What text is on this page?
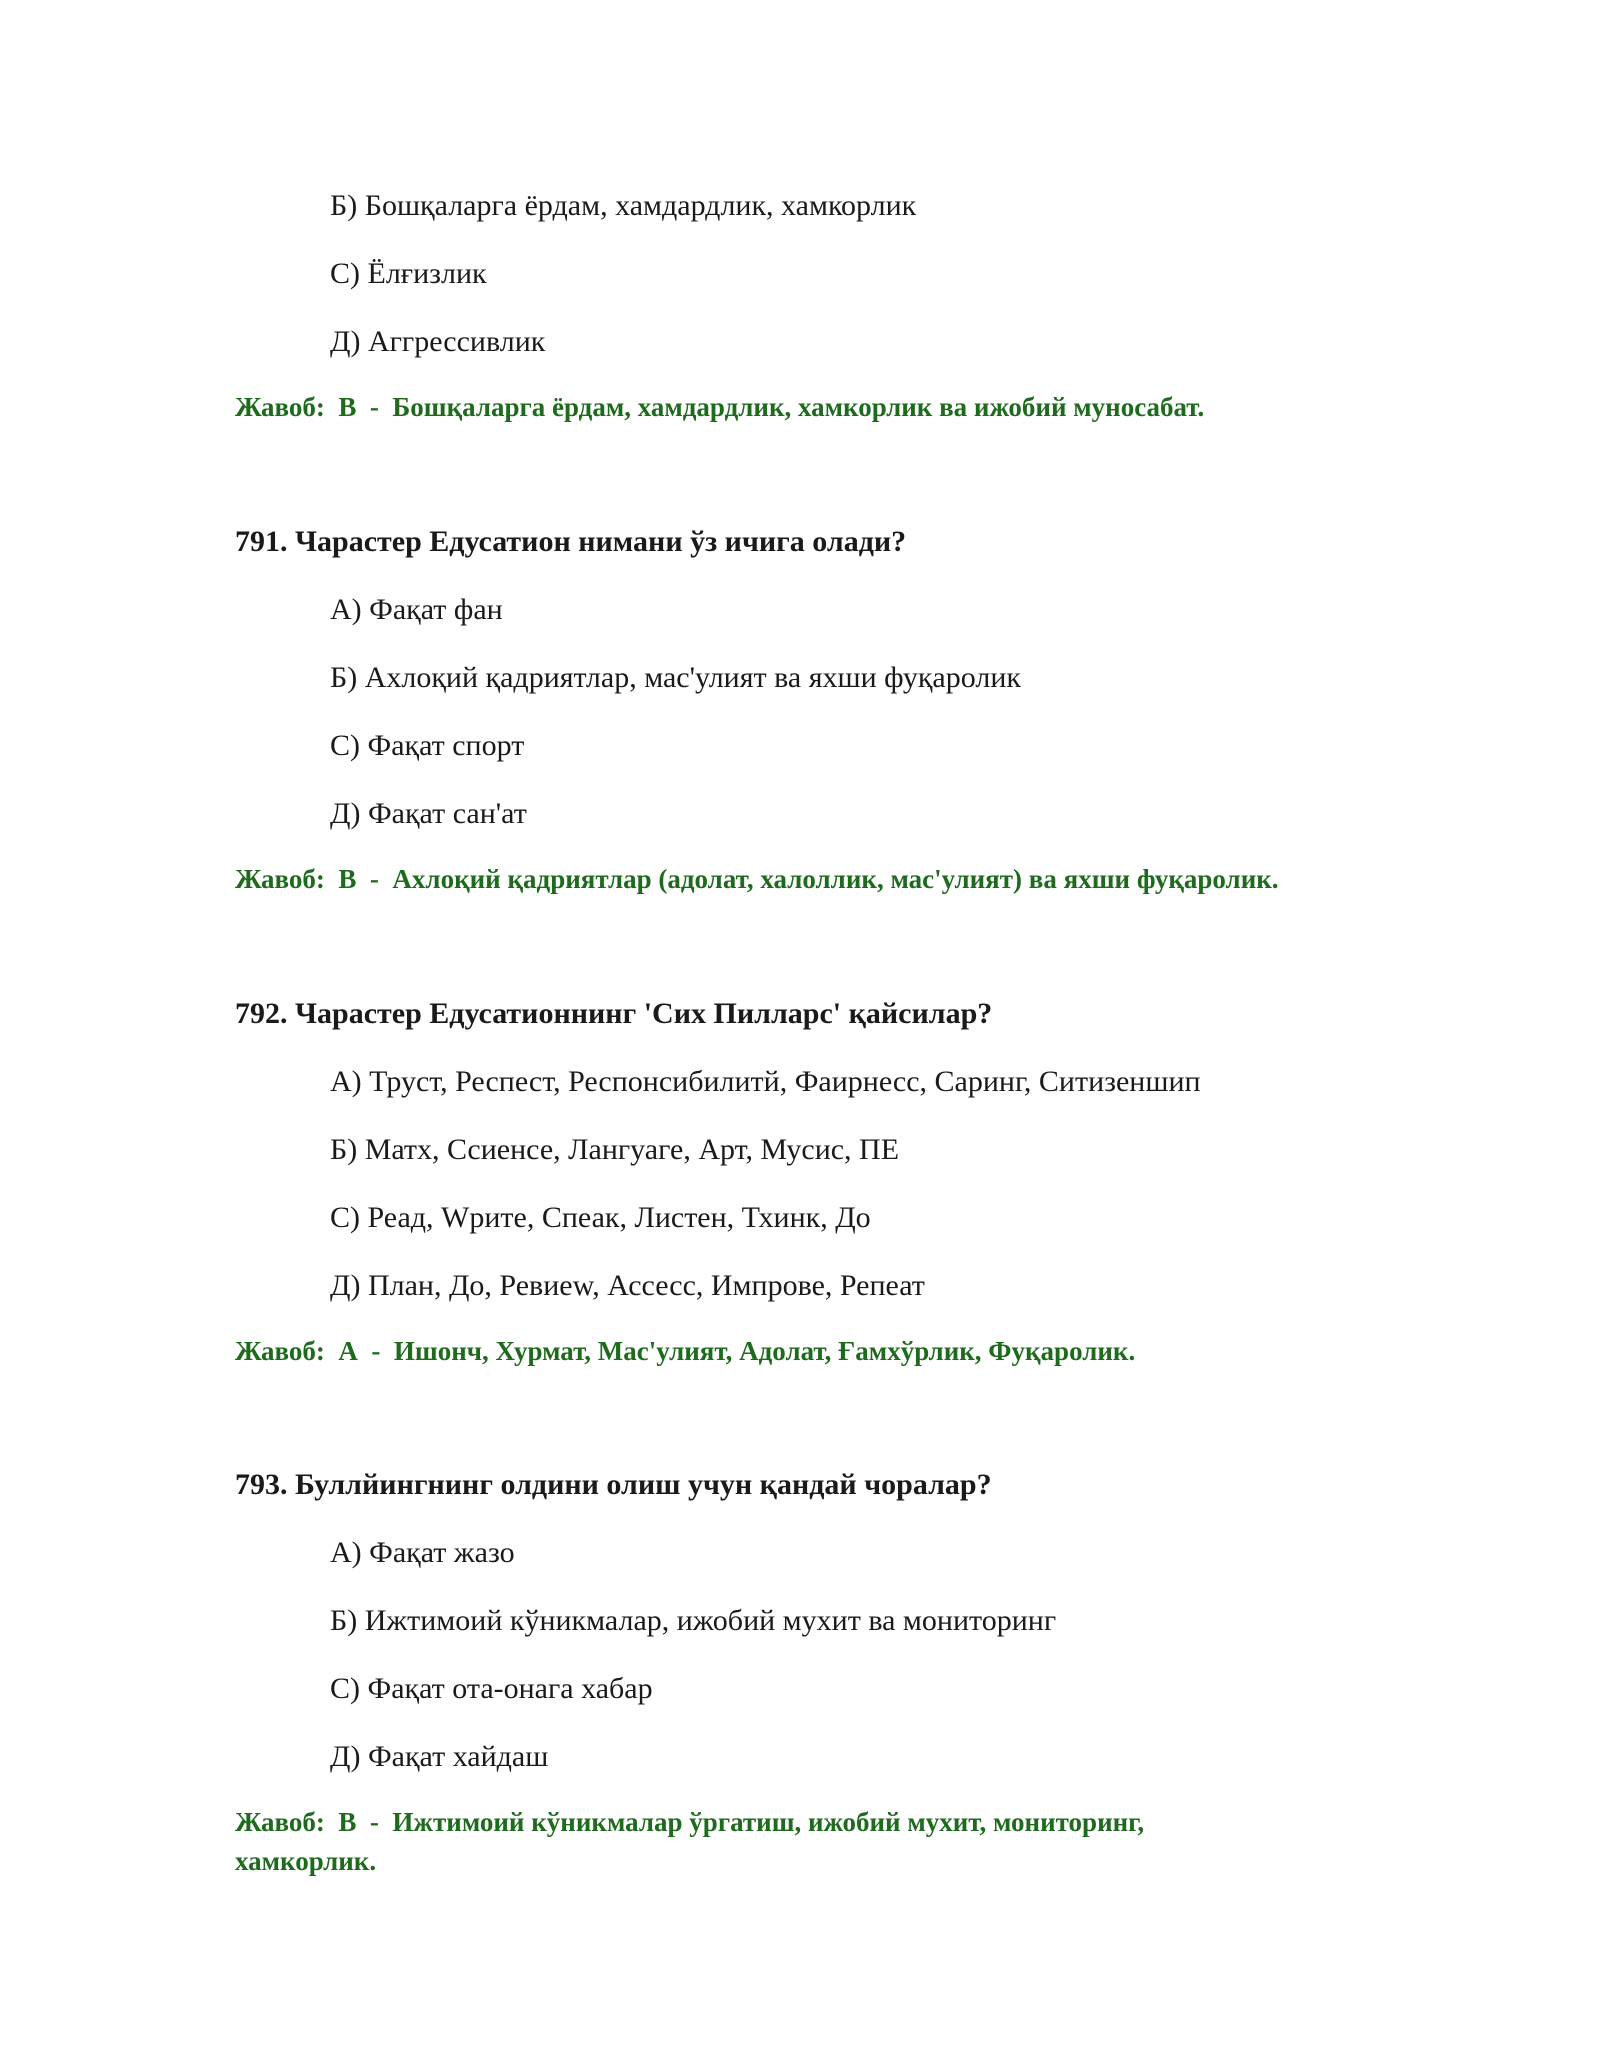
Б) Бошқаларга ёрдам, хамдардлик, хамкорлик
С) Ёлғизлик
Д) Аггрессивлик
Жавоб:  В  -  Бошқаларга ёрдам, хамдардлик, хамкорлик ва ижобий муносабат.
791. Чарастер Едусатион нимани ўз ичига олади?
А) Фақат фан
Б) Ахлоқий қадриятлар, мас'улият ва яхши фуқаролик
С) Фақат спорт
Д) Фақат сан'ат
Жавоб:  В  -  Ахлоқий қадриятлар (адолат, халоллик, мас'улият) ва яхши фуқаролик.
792. Чарастер Едусатионнинг 'Сих Пилларс' қайсилар?
А) Труст, Респест, Респонсибилитй, Фаирнесс, Саринг, Ситизеншип
Б) Матх, Ссиенсе, Лангуаге, Арт, Мусис, ПЕ
С) Реад, Wрите, Спеак, Листен, Тхинк, До
Д) План, До, Ревиеw, Ассесс, Импрове, Репеат
Жавоб:  А  -  Ишонч, Хурмат, Мас'улият, Адолат, Ғамхўрлик, Фуқаролик.
793. Буллйингнинг олдини олиш учун қандай чоралар?
А) Фақат жазо
Б) Ижтимоий кўникмалар, ижобий мухит ва мониторинг
С) Фақат ота-онага хабар
Д) Фақат хайдаш
Жавоб:  В  -  Ижтимоий кўникмалар ўргатиш, ижобий мухит, мониторинг, хамкорлик.
